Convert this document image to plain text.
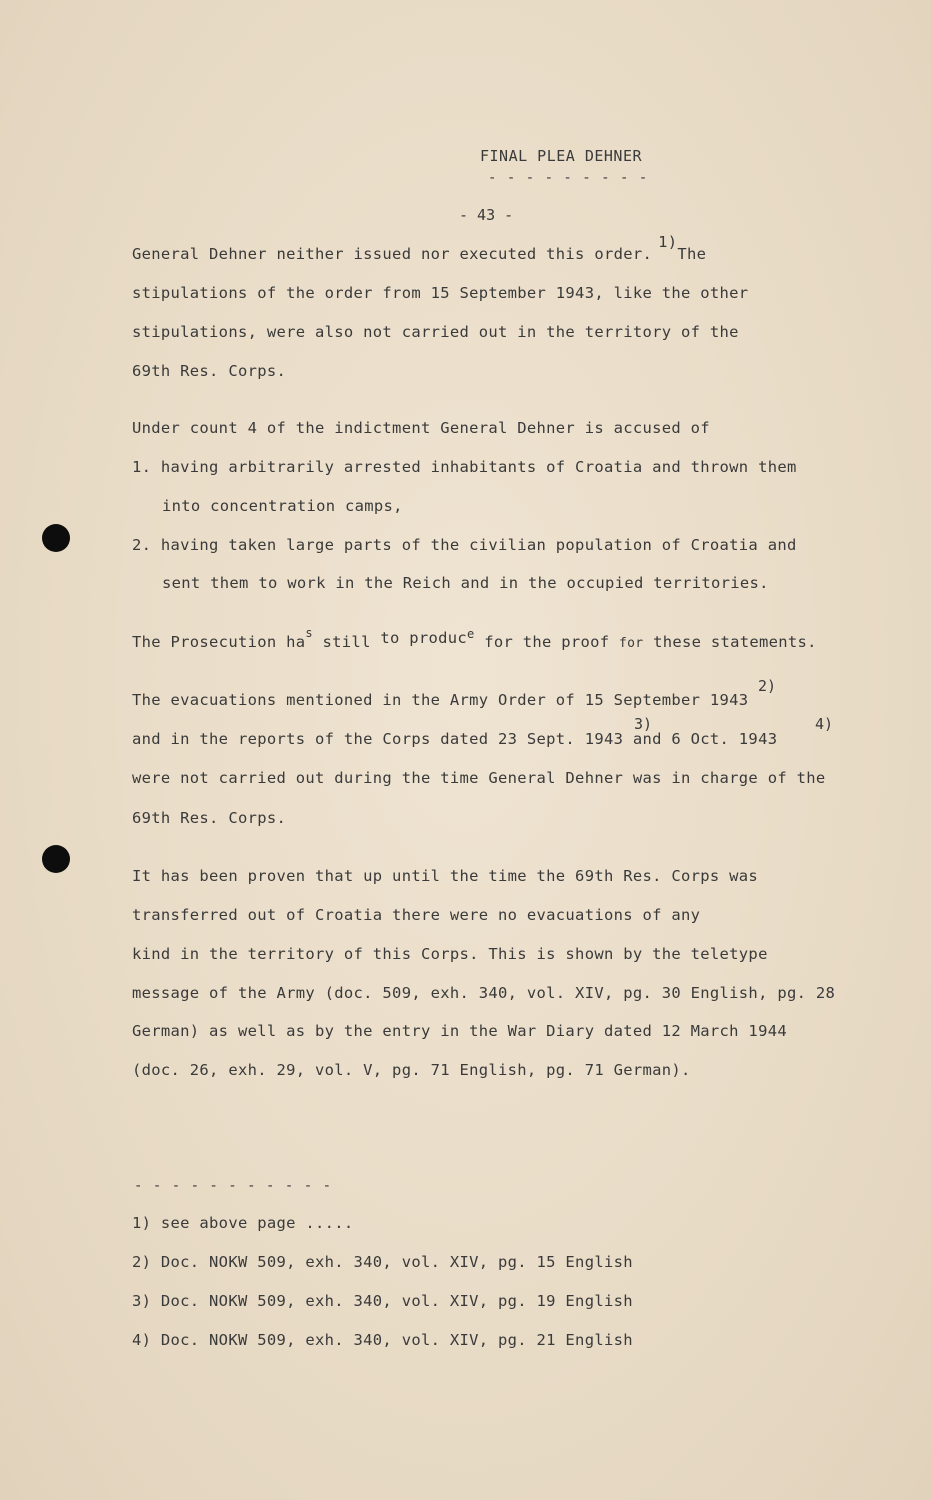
FINAL PLEA DEHNER
- - - - - - - - -
- 43 -
General Dehner neither issued nor executed this order.1)The
stipulations of the order from 15 September 1943, like the other
stipulations, were also not carried out in the territory of the
69th Res. Corps.
Under count 4 of the indictment General Dehner is accused of
1. having arbitrarily arrested inhabitants of Croatia and thrown them
into concentration camps,
2. having taken large parts of the civilian population of Croatia and
sent them to work in the Reich and in the occupied territories.
The Prosecution $ha^s$ still to produc$^e$ for the proof for these statements.
The evacuations mentioned in the Army Order of 15 September 1943
2)
and in the reports of the Corps dated 23 Sept. 1943 and 6 Oct. 1943
3)	4)
were not carried out during the time General Dehner was in charge of the
69th Res. Corps.
It has been proven that up until the time the 69th Res. Corps was
transferred out of Croatia there were no evacuations of any
kind in the territory of this Corps. This is shown by the teletype
message of the Army (doc. 509, exh. 340, vol. XIV, pg. 30 English, pg. 28
German) as well as by the entry in the War Diary dated 12 March 1944
(doc. 26, exh. 29, vol. V, pg. 71 English, pg. 71 German).
- - - - - - - - - - -
1) see above page .....
2) Doc. NOKW 509, exh. 340, vol. XIV, pg. 15 English
3) Doc. NOKW 509, exh. 340, vol. XIV, pg. 19 English
4) Doc. NOKW 509, exh. 340, vol. XIV, pg. 21 English
